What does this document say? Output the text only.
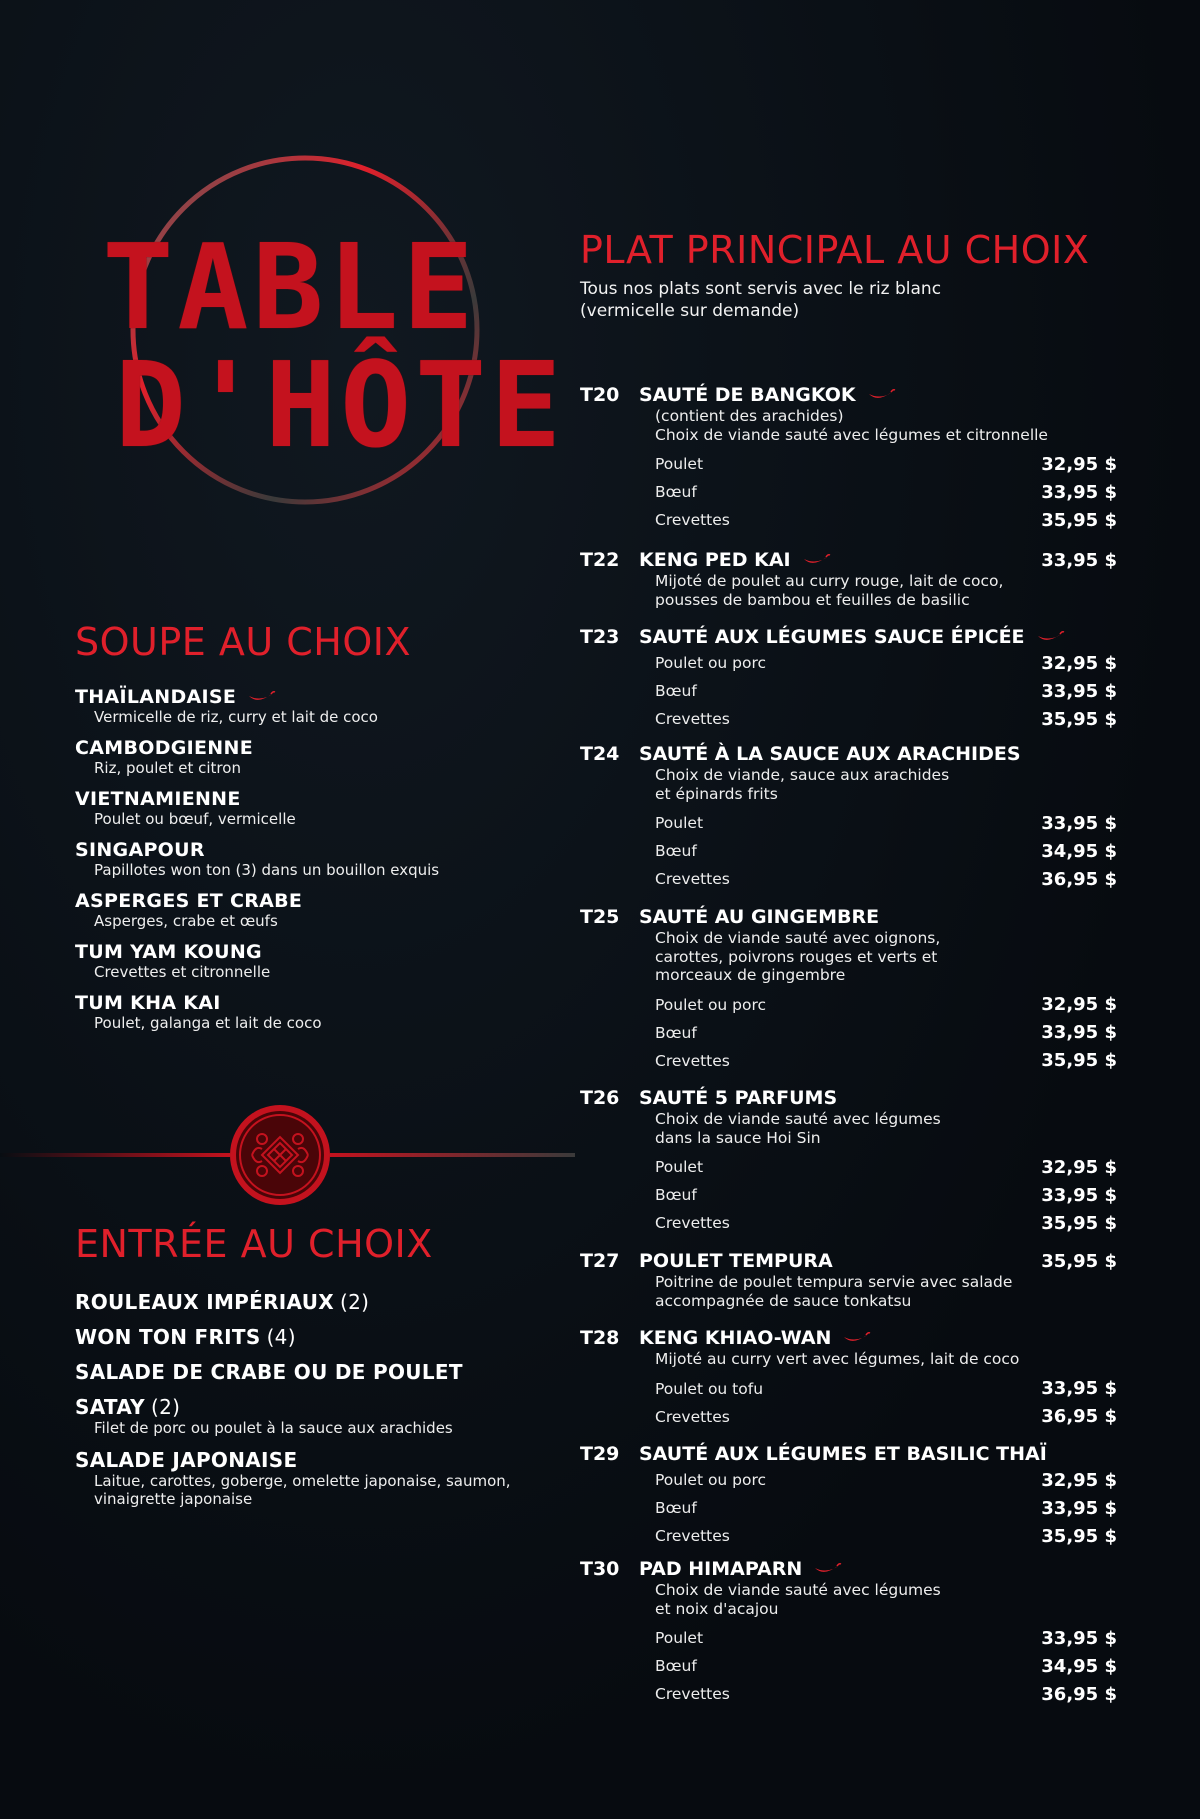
TABLE
D'HÔTE
SOUPE AU CHOIX
THAÏLANDAISE
Vermicelle de riz, curry et lait de coco
CAMBODGIENNE
Riz, poulet et citron
VIETNAMIENNE
Poulet ou bœuf, vermicelle
SINGAPOUR
Papillotes won ton (3) dans un bouillon exquis
ASPERGES ET CRABE
Asperges, crabe et œufs
TUM YAM KOUNG
Crevettes et citronnelle
TUM KHA KAI
Poulet, galanga et lait de coco
ENTRÉE AU CHOIX
ROULEAUX IMPÉRIAUX (2)
WON TON FRITS (4)
SALADE DE CRABE OU DE POULET
SATAY (2)
Filet de porc ou poulet à la sauce aux arachides
SALADE JAPONAISE
Laitue, carottes, goberge, omelette japonaise, saumon,
vinaigrette japonaise
PLAT PRINCIPAL AU CHOIX
Tous nos plats sont servis avec le riz blanc
(vermicelle sur demande)
T20	SAUTÉ DE BANGKOK
(contient des arachides)
Choix de viande sauté avec légumes et citronnelle
Poulet	32,95 $
Bœuf	33,95 $
Crevettes	35,95 $
T22	KENG PED KAI	33,95 $
Mijoté de poulet au curry rouge, lait de coco,
pousses de bambou et feuilles de basilic
T23	SAUTÉ AUX LÉGUMES SAUCE ÉPICÉE
Poulet ou porc	32,95 $
Bœuf	33,95 $
Crevettes	35,95 $
T24	SAUTÉ À LA SAUCE AUX ARACHIDES
Choix de viande, sauce aux arachides
et épinards frits
Poulet	33,95 $
Bœuf	34,95 $
Crevettes	36,95 $
T25	SAUTÉ AU GINGEMBRE
Choix de viande sauté avec oignons,
carottes, poivrons rouges et verts et
morceaux de gingembre
Poulet ou porc	32,95 $
Bœuf	33,95 $
Crevettes	35,95 $
T26	SAUTÉ 5 PARFUMS
Choix de viande sauté avec légumes
dans la sauce Hoi Sin
Poulet	32,95 $
Bœuf	33,95 $
Crevettes	35,95 $
T27	POULET TEMPURA	35,95 $
Poitrine de poulet tempura servie avec salade
accompagnée de sauce tonkatsu
T28	KENG KHIAO-WAN
Mijoté au curry vert avec légumes, lait de coco
Poulet ou tofu	33,95 $
Crevettes	36,95 $
T29	SAUTÉ AUX LÉGUMES ET BASILIC THAÏ
Poulet ou porc	32,95 $
Bœuf	33,95 $
Crevettes	35,95 $
T30	PAD HIMAPARN
Choix de viande sauté avec légumes
et noix d'acajou
Poulet	33,95 $
Bœuf	34,95 $
Crevettes	36,95 $
